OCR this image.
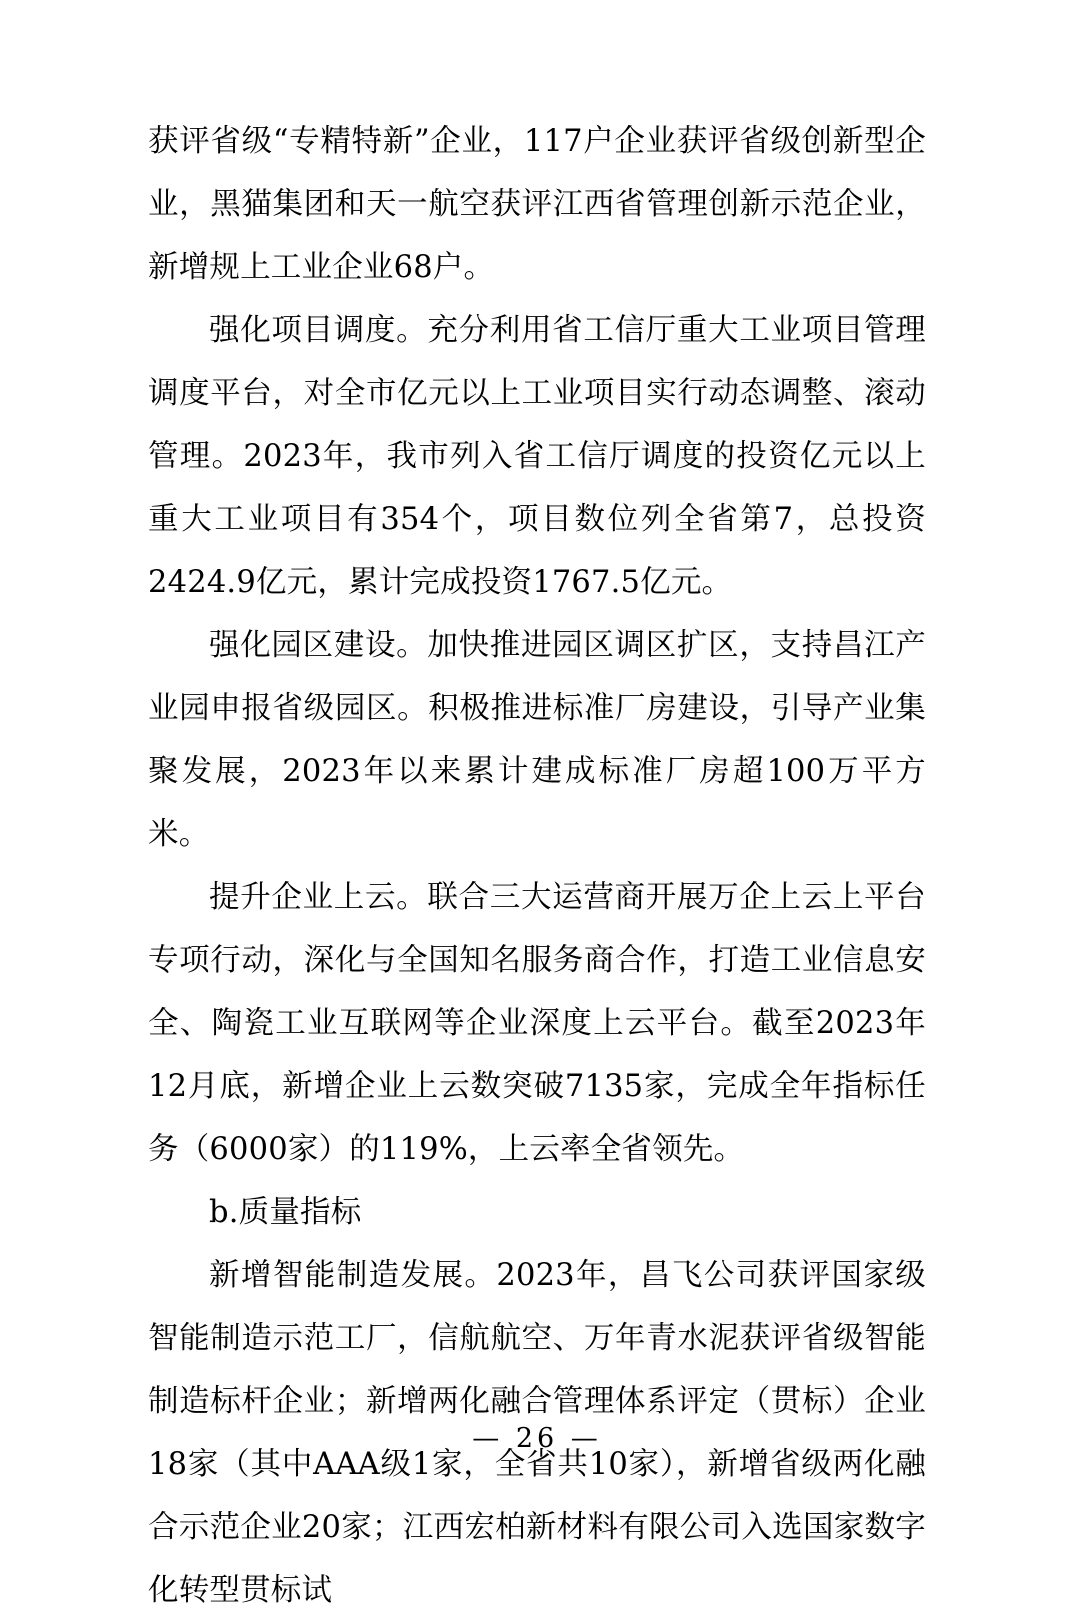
获评省级“专精特新”企业，117户企业获评省级创新型企业，黑猫集团和天一航空获评江西省管理创新示范企业，新增规上工业企业68户。

强化项目调度。充分利用省工信厅重大工业项目管理调度平台，对全市亿元以上工业项目实行动态调整、滚动管理。2023年，我市列入省工信厅调度的投资亿元以上重大工业项目有354个，项目数位列全省第7，总投资2424.9亿元，累计完成投资1767.5亿元。

强化园区建设。加快推进园区调区扩区，支持昌江产业园申报省级园区。积极推进标准厂房建设，引导产业集聚发展，2023年以来累计建成标准厂房超100万平方米。

提升企业上云。联合三大运营商开展万企上云上平台专项行动，深化与全国知名服务商合作，打造工业信息安全、陶瓷工业互联网等企业深度上云平台。截至2023年12月底，新增企业上云数突破7135家，完成全年指标任务（6000家）的119%，上云率全省领先。

b.质量指标

新增智能制造发展。2023年，昌飞公司获评国家级智能制造示范工厂，信航航空、万年青水泥获评省级智能制造标杆企业；新增两化融合管理体系评定（贯标）企业18家（其中AAA级1家，全省共10家），新增省级两化融合示范企业20家；江西宏柏新材料有限公司入选国家数字化转型贯标试

— 26 —
